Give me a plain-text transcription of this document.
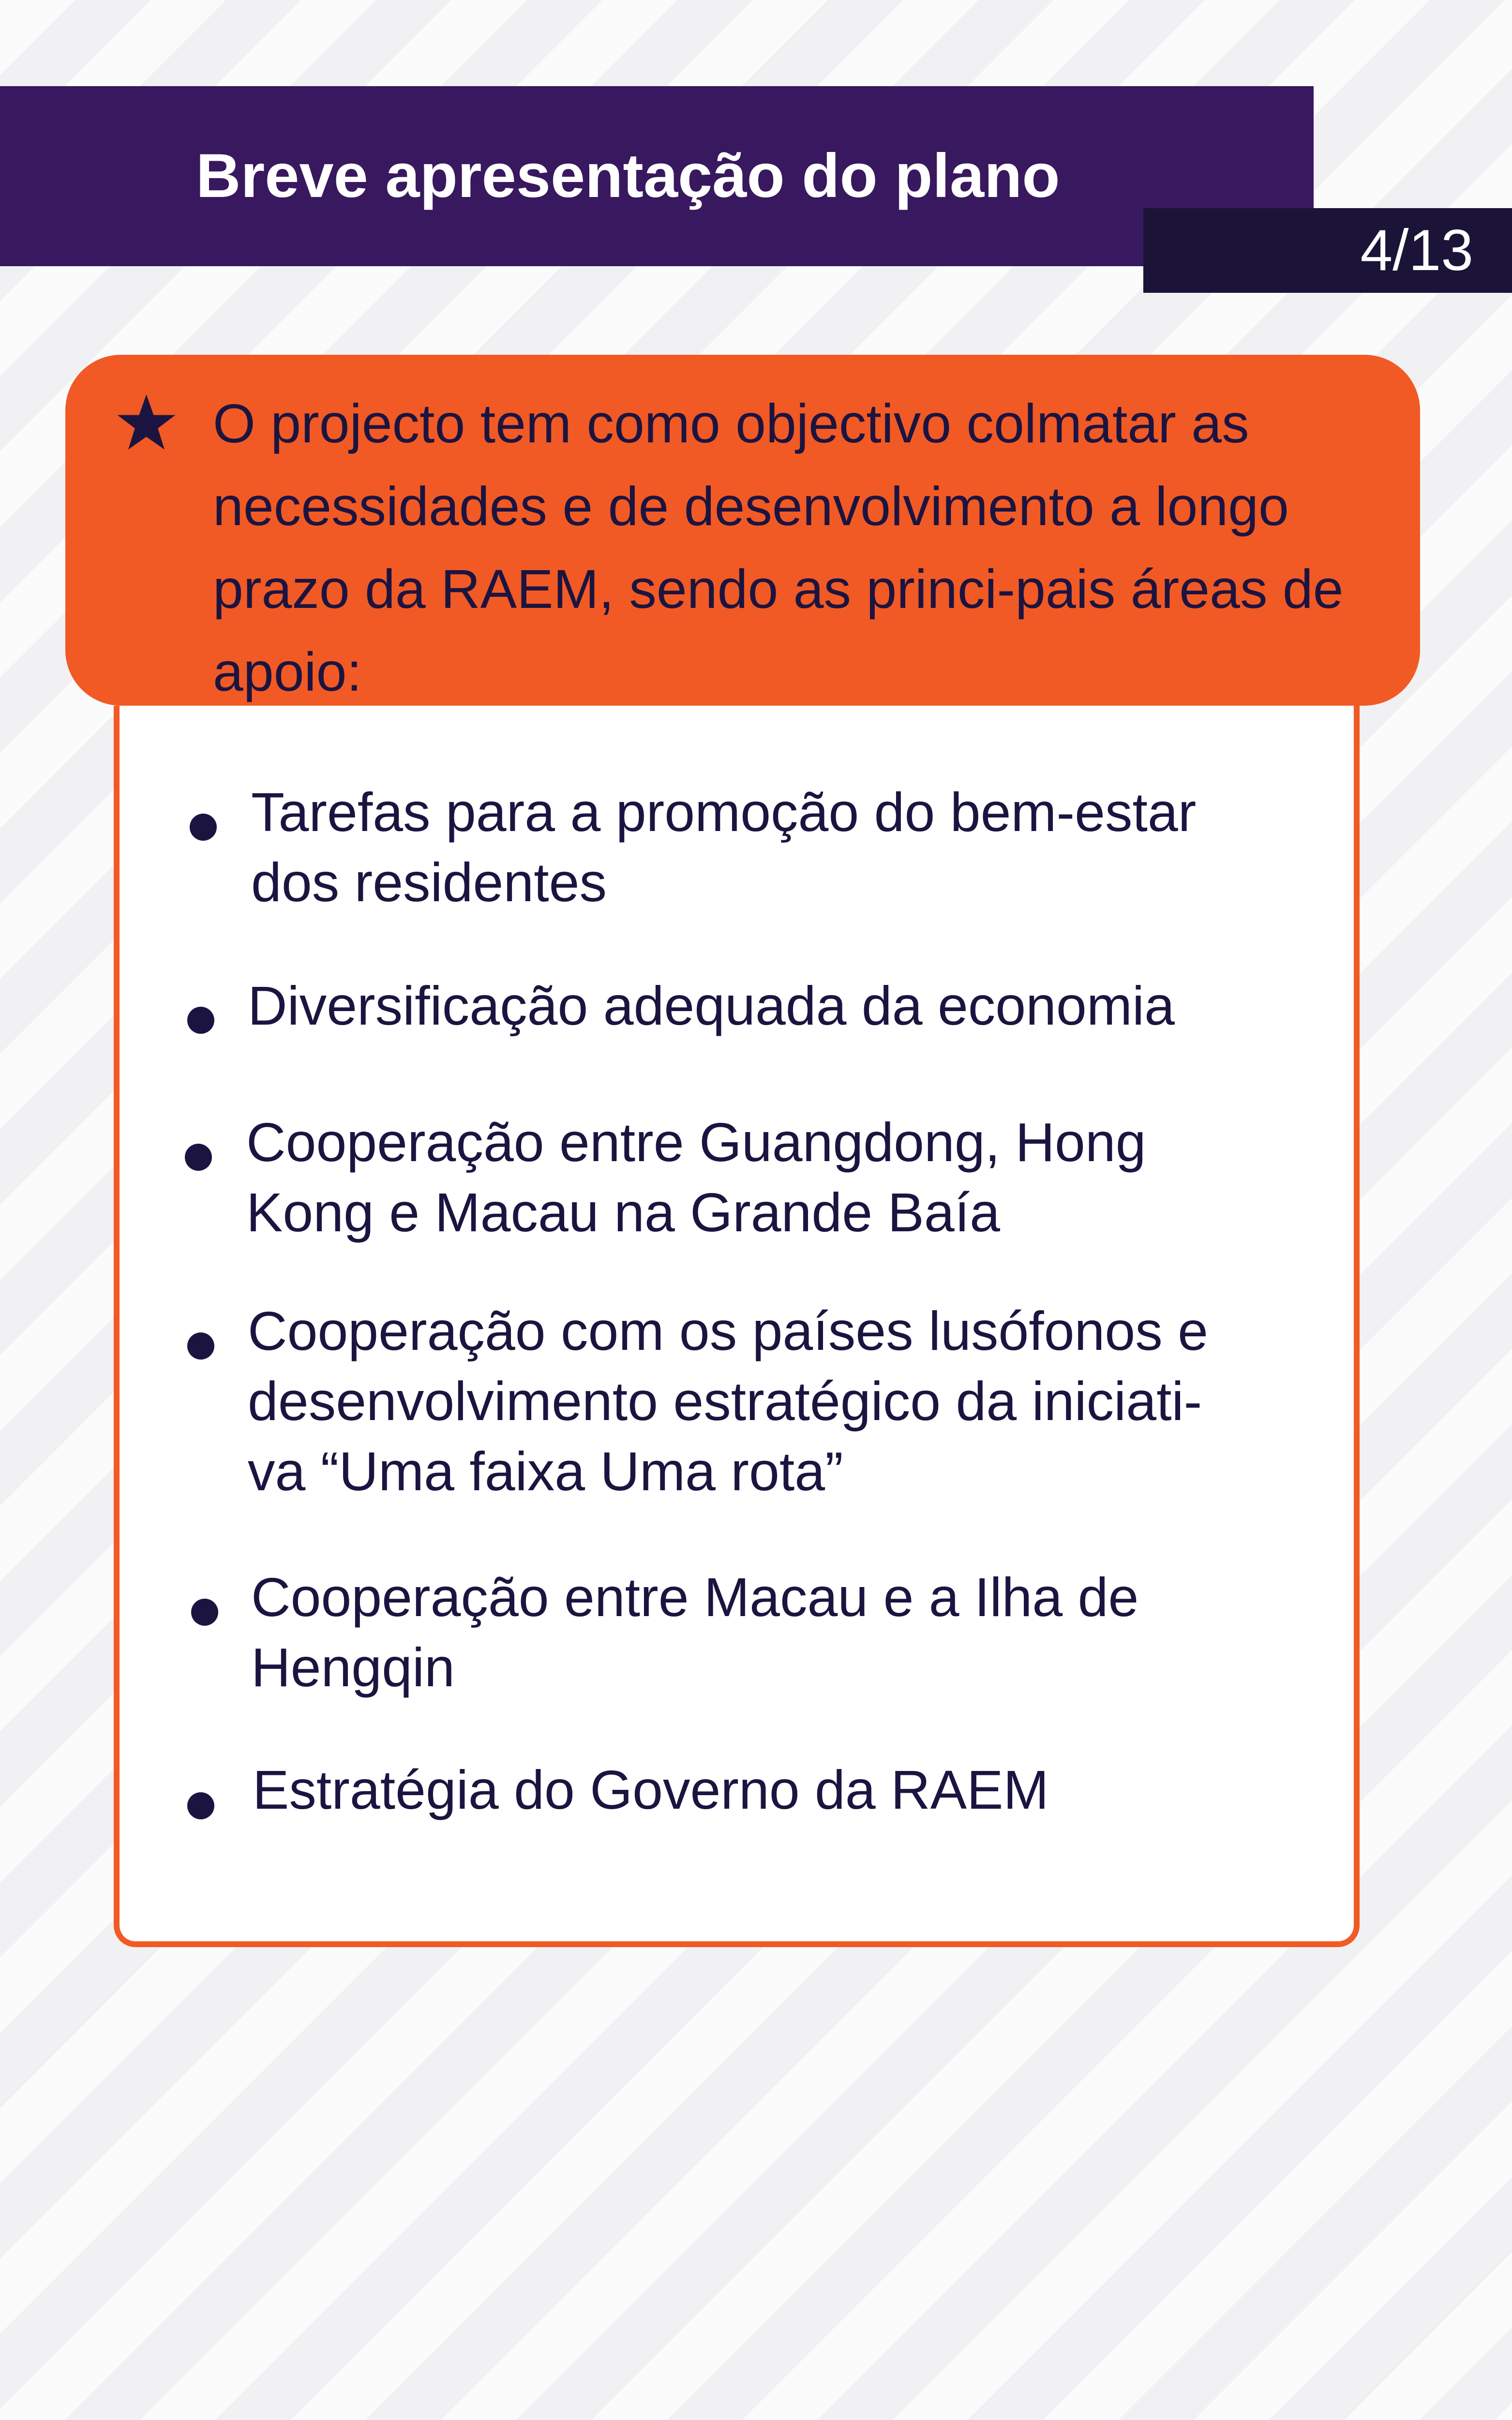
Breve apresentação do plano
4/13
O projecto tem como objectivo colmatar as necessidades e de desenvolvimento a longo prazo da RAEM, sendo as princi-pais áreas de apoio:
Tarefas para a promoção do bem-estar
dos residentes
Diversificação adequada da economia
Cooperação entre Guangdong, Hong
Kong e Macau na Grande Baía
Cooperação com os países lusófonos e
desenvolvimento estratégico da iniciati-
va “Uma faixa Uma rota”
Cooperação entre Macau e a Ilha de
Hengqin
Estratégia do Governo da RAEM
